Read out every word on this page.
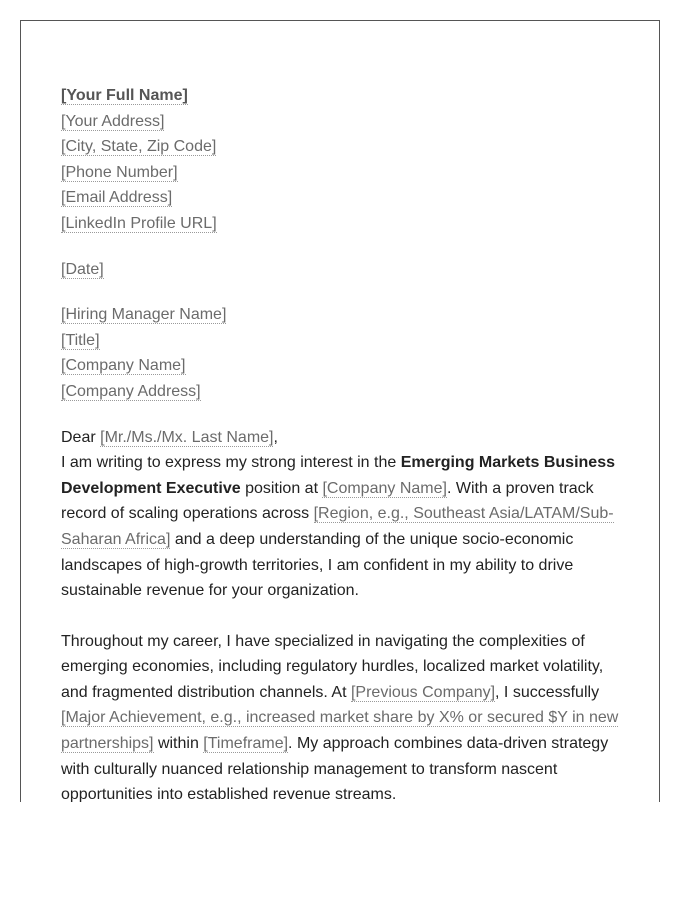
[Your Full Name]
[Your Address]
[City, State, Zip Code]
[Phone Number]
[Email Address]
[LinkedIn Profile URL]
[Date]
[Hiring Manager Name]
[Title]
[Company Name]
[Company Address]
Dear [Mr./Ms./Mx. Last Name],

I am writing to express my strong interest in the Emerging Markets Business Development Executive position at [Company Name]. With a proven track record of scaling operations across [Region, e.g., Southeast Asia/LATAM/Sub-Saharan Africa] and a deep understanding of the unique socio-economic landscapes of high-growth territories, I am confident in my ability to drive sustainable revenue for your organization.

Throughout my career, I have specialized in navigating the complexities of emerging economies, including regulatory hurdles, localized market volatility, and fragmented distribution channels. At [Previous Company], I successfully [Major Achievement, e.g., increased market share by X% or secured $Y in new partnerships] within [Timeframe]. My approach combines data-driven strategy with culturally nuanced relationship management to transform nascent opportunities into established revenue streams.
